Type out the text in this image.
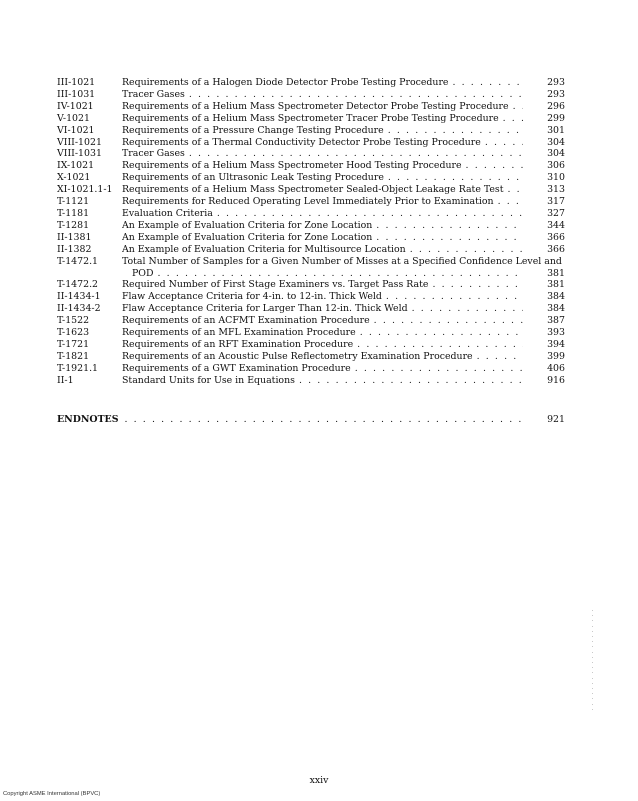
III-1021	Requirements of a Halogen Diode Detector Probe Testing Procedure . . .	293
III-1031	Tracer Gases . . .	293
IV-1021	Requirements of a Helium Mass Spectrometer Detector Probe Testing Procedure . . .	296
V-1021	Requirements of a Helium Mass Spectrometer Tracer Probe Testing Procedure . . .	299
VI-1021	Requirements of a Pressure Change Testing Procedure . . .	301
VIII-1021	Requirements of a Thermal Conductivity Detector Probe Testing Procedure . . .	304
VIII-1031	Tracer Gases . . .	304
IX-1021	Requirements of a Helium Mass Spectrometer Hood Testing Procedure . . .	306
X-1021	Requirements of an Ultrasonic Leak Testing Procedure . . .	310
XI-1021.1-1	Requirements of a Helium Mass Spectrometer Sealed-Object Leakage Rate Test . . .	313
T-1121	Requirements for Reduced Operating Level Immediately Prior to Examination . . .	317
T-1181	Evaluation Criteria . . .	327
T-1281	An Example of Evaluation Criteria for Zone Location . . .	344
II-1381	An Example of Evaluation Criteria for Zone Location . . .	366
II-1382	An Example of Evaluation Criteria for Multisource Location . . .	366
T-1472.1	Total Number of Samples for a Given Number of Misses at a Specified Confidence Level and
POD . . .	381
T-1472.2	Required Number of First Stage Examiners vs. Target Pass Rate . . .	381
II-1434-1	Flaw Acceptance Criteria for 4-in. to 12-in. Thick Weld . . .	384
II-1434-2	Flaw Acceptance Criteria for Larger Than 12-in. Thick Weld . . .	384
T-1522	Requirements of an ACFMT Examination Procedure . . .	387
T-1623	Requirements of an MFL Examination Procedure . . .	393
T-1721	Requirements of an RFT Examination Procedure . . .	394
T-1821	Requirements of an Acoustic Pulse Reflectometry Examination Procedure . . .	399
T-1921.1	Requirements of a GWT Examination Procedure . . .	406
II-1	Standard Units for Use in Equations . . .	916
ENDNOTES . . .	921
xxiv
Copyright ASME International (BPVC)
